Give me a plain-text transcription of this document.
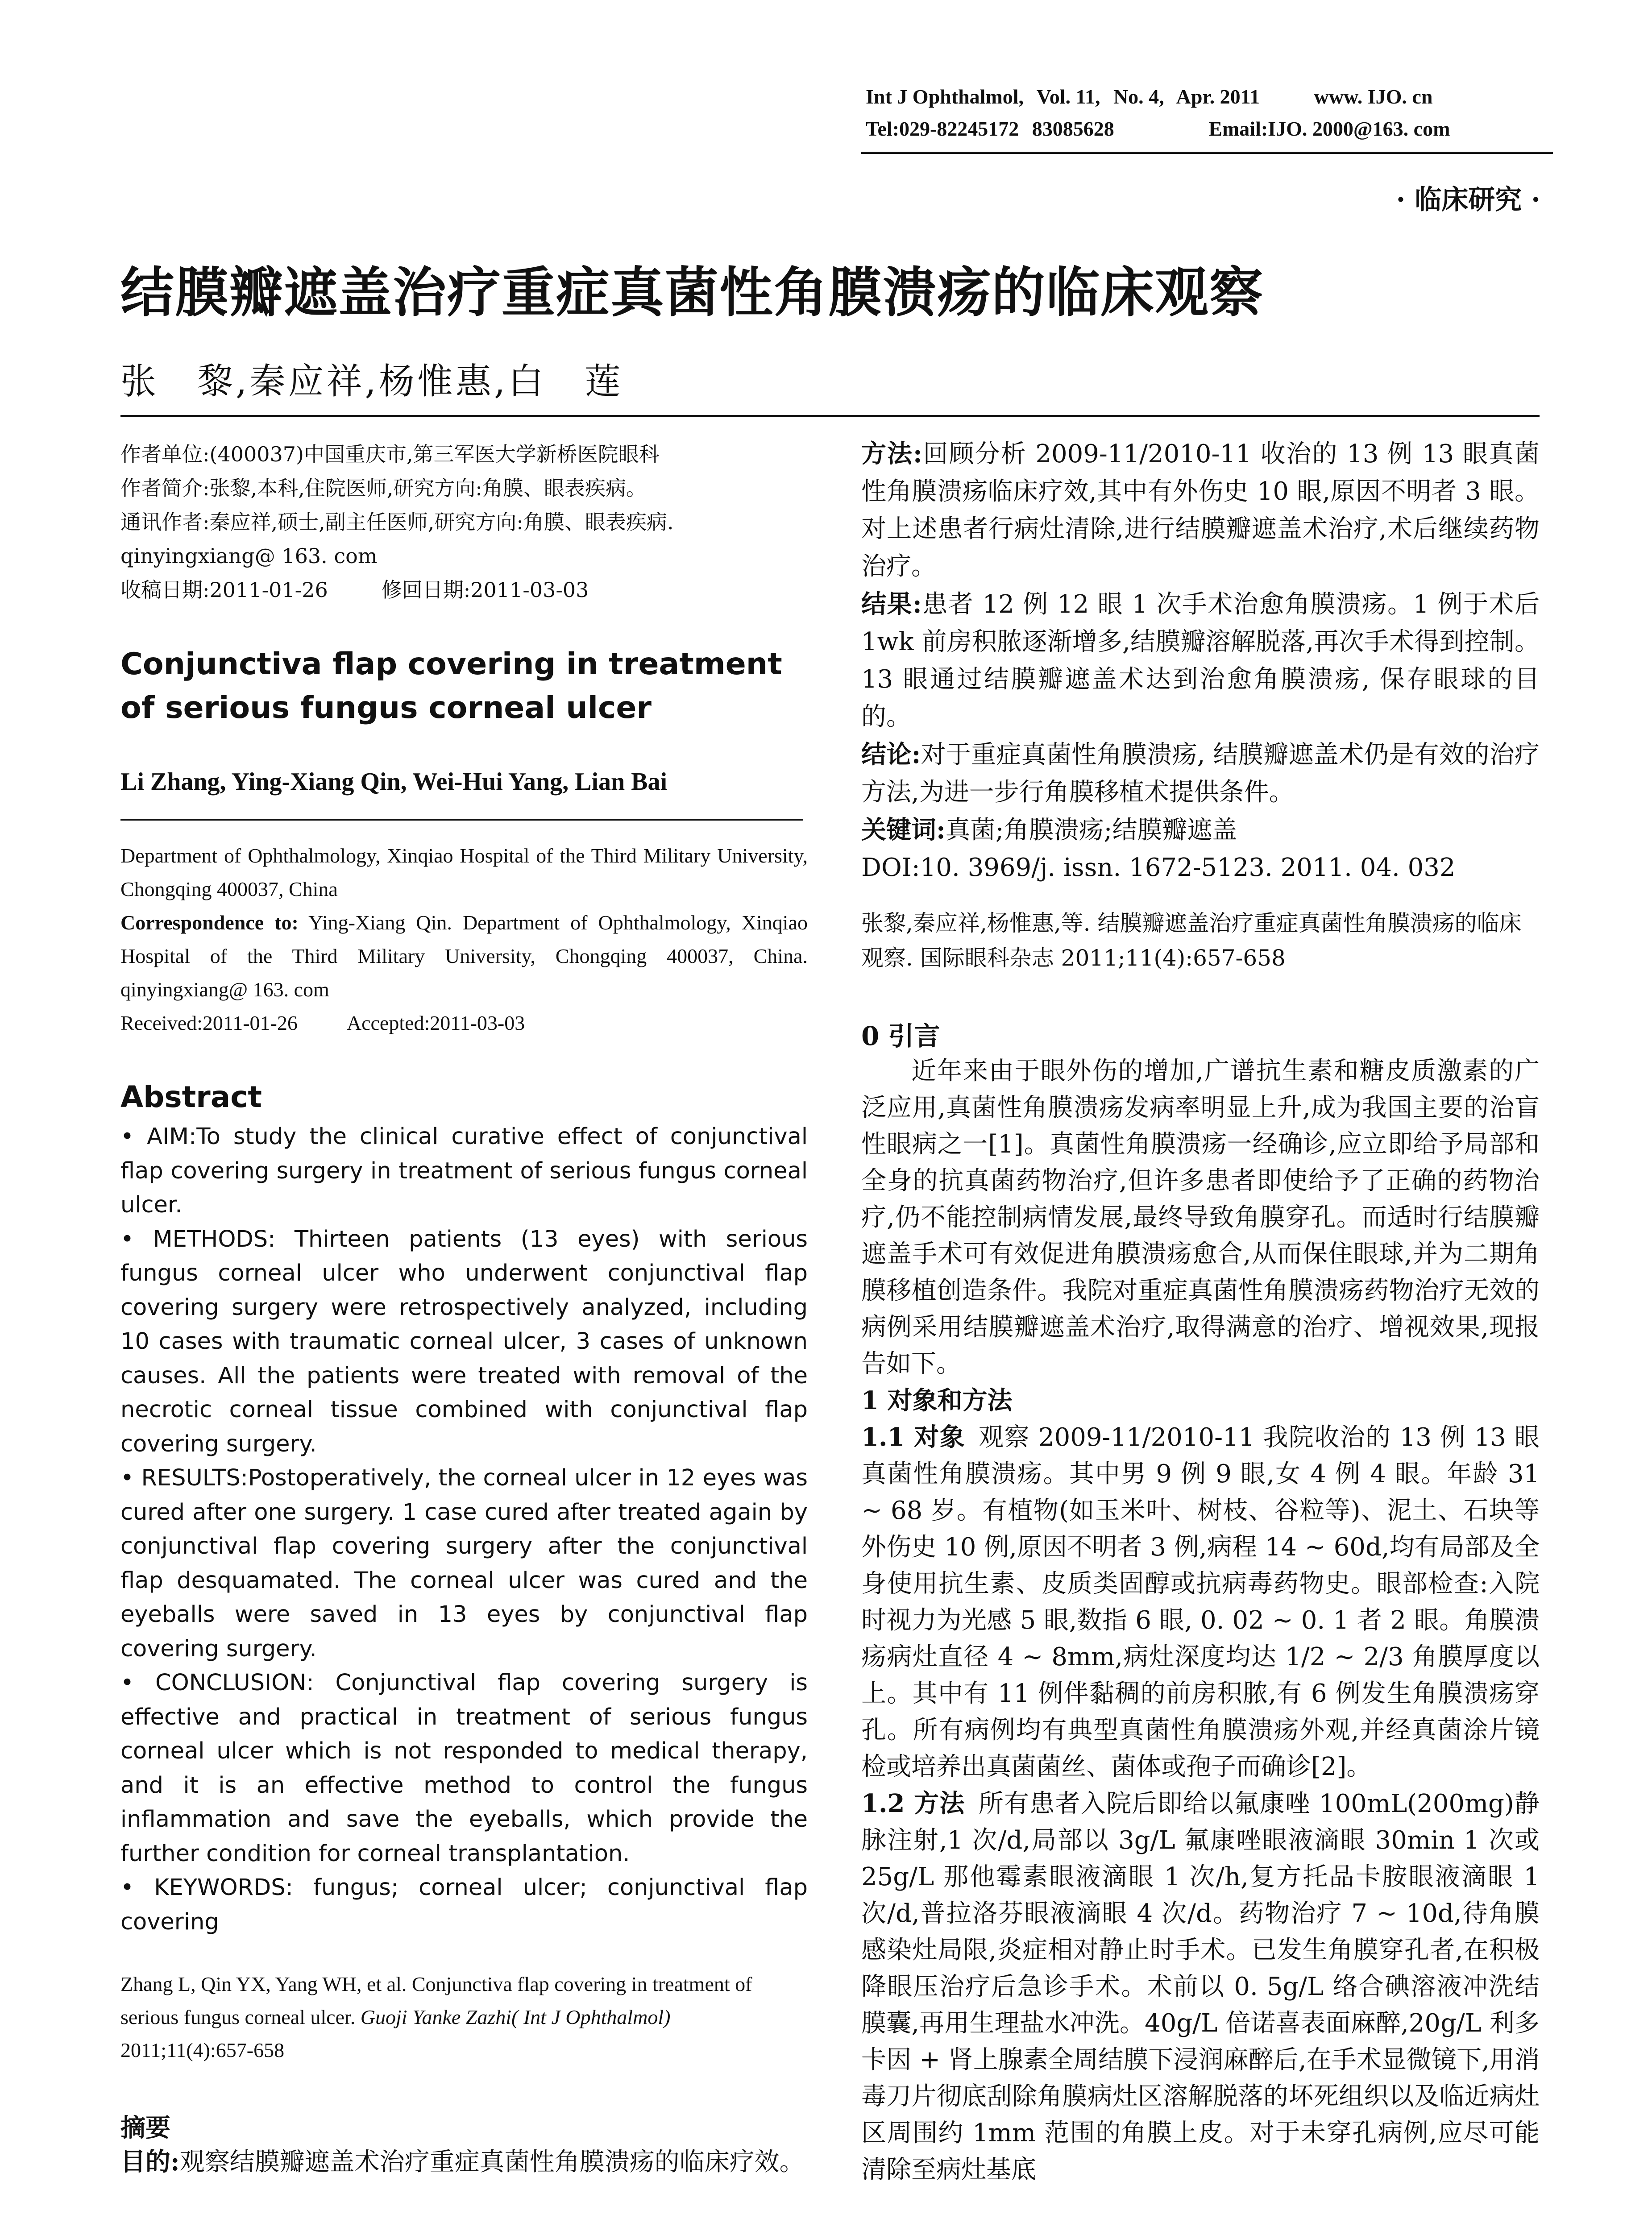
Int J Ophthalmol, Vol. 11, No. 4, Apr. 2011	www. IJO. cn
Tel:029-82245172 83085628	Email:IJO. 2000@163. com
· 临床研究 ·
结膜瓣遮盖治疗重症真菌性角膜溃疡的临床观察
张　黎,秦应祥,杨惟惠,白　莲

作者单位:(400037)中国重庆市,第三军医大学新桥医院眼科

作者简介:张黎,本科,住院医师,研究方向:角膜、眼表疾病。

通讯作者:秦应祥,硕士,副主任医师,研究方向:角膜、眼表疾病. qinyingxiang@ 163. com

收稿日期:2011-01-26	修回日期:2011-03-03

Conjunctiva flap covering in treatment of serious fungus corneal ulcer
Li Zhang, Ying-Xiang Qin, Wei-Hui Yang, Lian Bai

Department of Ophthalmology, Xinqiao Hospital of the Third Military University, Chongqing 400037, China

Correspondence to: Ying-Xiang Qin. Department of Ophthalmology, Xinqiao Hospital of the Third Military University, Chongqing 400037, China. qinyingxiang@ 163. com

Received:2011-01-26 Accepted:2011-03-03

Abstract

• AIM:To study the clinical curative effect of conjunctival flap covering surgery in treatment of serious fungus corneal ulcer.

• METHODS: Thirteen patients (13 eyes) with serious fungus corneal ulcer who underwent conjunctival flap covering surgery were retrospectively analyzed, including 10 cases with traumatic corneal ulcer, 3 cases of unknown causes. All the patients were treated with removal of the necrotic corneal tissue combined with conjunctival flap covering surgery.

• RESULTS:Postoperatively, the corneal ulcer in 12 eyes was cured after one surgery. 1 case cured after treated again by conjunctival flap covering surgery after the conjunctival flap desquamated. The corneal ulcer was cured and the eyeballs were saved in 13 eyes by conjunctival flap covering surgery.

• CONCLUSION: Conjunctival flap covering surgery is effective and practical in treatment of serious fungus corneal ulcer which is not responded to medical therapy, and it is an effective method to control the fungus inflammation and save the eyeballs, which provide the further condition for corneal transplantation.

• KEYWORDS: fungus; corneal ulcer; conjunctival flap covering

Zhang L, Qin YX, Yang WH, et al. Conjunctiva flap covering in treatment of serious fungus corneal ulcer. Guoji Yanke Zazhi( Int J Ophthalmol) 2011;11(4):657-658

摘要

目的:观察结膜瓣遮盖术治疗重症真菌性角膜溃疡的临床疗效。

方法:回顾分析 2009-11/2010-11 收治的 13 例 13 眼真菌性角膜溃疡临床疗效,其中有外伤史 10 眼,原因不明者 3 眼。对上述患者行病灶清除,进行结膜瓣遮盖术治疗,术后继续药物治疗。

结果:患者 12 例 12 眼 1 次手术治愈角膜溃疡。1 例于术后 1wk 前房积脓逐渐增多,结膜瓣溶解脱落,再次手术得到控制。13 眼通过结膜瓣遮盖术达到治愈角膜溃疡, 保存眼球的目的。

结论:对于重症真菌性角膜溃疡, 结膜瓣遮盖术仍是有效的治疗方法,为进一步行角膜移植术提供条件。

关键词:真菌;角膜溃疡;结膜瓣遮盖

DOI:10. 3969/j. issn. 1672-5123. 2011. 04. 032

张黎,秦应祥,杨惟惠,等. 结膜瓣遮盖治疗重症真菌性角膜溃疡的临床观察. 国际眼科杂志 2011;11(4):657-658

0 引言

近年来由于眼外伤的增加,广谱抗生素和糖皮质激素的广泛应用,真菌性角膜溃疡发病率明显上升,成为我国主要的治盲性眼病之一[1]。真菌性角膜溃疡一经确诊,应立即给予局部和全身的抗真菌药物治疗,但许多患者即使给予了正确的药物治疗,仍不能控制病情发展,最终导致角膜穿孔。而适时行结膜瓣遮盖手术可有效促进角膜溃疡愈合,从而保住眼球,并为二期角膜移植创造条件。我院对重症真菌性角膜溃疡药物治疗无效的病例采用结膜瓣遮盖术治疗,取得满意的治疗、增视效果,现报告如下。

1 对象和方法

1.1 对象 观察 2009-11/2010-11 我院收治的 13 例 13 眼真菌性角膜溃疡。其中男 9 例 9 眼,女 4 例 4 眼。年龄 31 ~ 68 岁。有植物(如玉米叶、树枝、谷粒等)、泥土、石块等外伤史 10 例,原因不明者 3 例,病程 14 ~ 60d,均有局部及全身使用抗生素、皮质类固醇或抗病毒药物史。眼部检查:入院时视力为光感 5 眼,数指 6 眼, 0. 02 ~ 0. 1 者 2 眼。角膜溃疡病灶直径 4 ~ 8mm,病灶深度均达 1/2 ~ 2/3 角膜厚度以上。其中有 11 例伴黏稠的前房积脓,有 6 例发生角膜溃疡穿孔。所有病例均有典型真菌性角膜溃疡外观,并经真菌涂片镜检或培养出真菌菌丝、菌体或孢子而确诊[2]。

1.2 方法 所有患者入院后即给以氟康唑 100mL(200mg)静脉注射,1 次/d,局部以 3g/L 氟康唑眼液滴眼 30min 1 次或 25g/L 那他霉素眼液滴眼 1 次/h,复方托品卡胺眼液滴眼 1 次/d,普拉洛芬眼液滴眼 4 次/d。药物治疗 7 ~ 10d,待角膜感染灶局限,炎症相对静止时手术。已发生角膜穿孔者,在积极降眼压治疗后急诊手术。术前以 0. 5g/L 络合碘溶液冲洗结膜囊,再用生理盐水冲洗。40g/L 倍诺喜表面麻醉,20g/L 利多卡因 + 肾上腺素全周结膜下浸润麻醉后,在手术显微镜下,用消毒刀片彻底刮除角膜病灶区溶解脱落的坏死组织以及临近病灶区周围约 1mm 范围的角膜上皮。对于未穿孔病例,应尽可能清除至病灶基底
